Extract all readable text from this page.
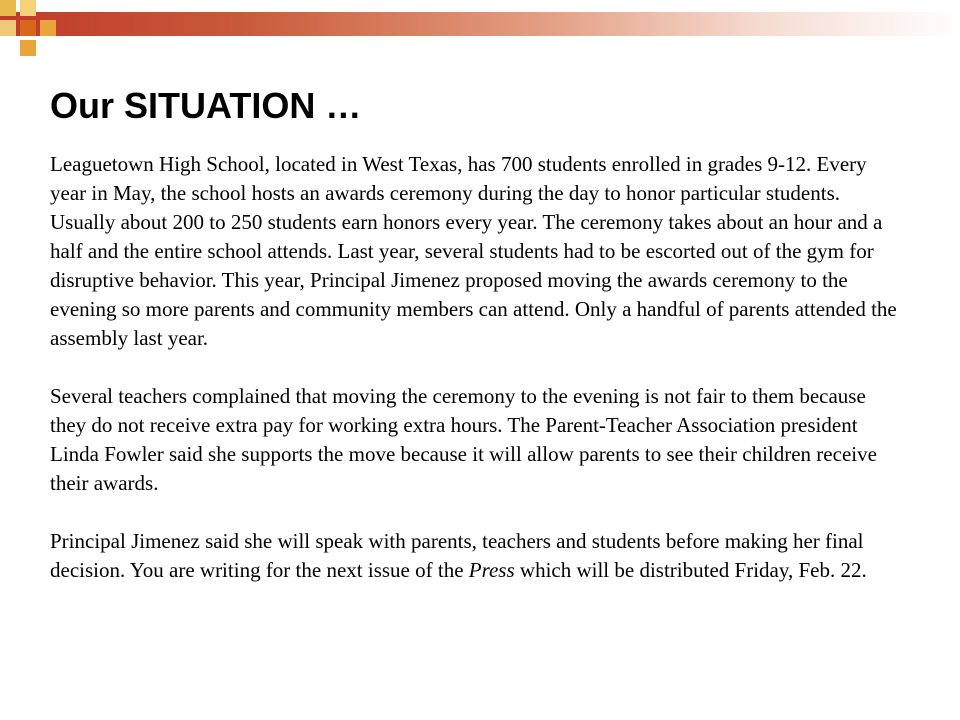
Our SITUATION …

Leaguetown High School, located in West Texas, has 700 students enrolled in grades 9-12. Every year in May, the school hosts an awards ceremony during the day to honor particular students. Usually about 200 to 250 students earn honors every year. The ceremony takes about an hour and a half and the entire school attends. Last year, several students had to be escorted out of the gym for disruptive behavior. This year, Principal Jimenez proposed moving the awards ceremony to the evening so more parents and community members can attend. Only a handful of parents attended the assembly last year.

Several teachers complained that moving the ceremony to the evening is not fair to them because they do not receive extra pay for working extra hours. The Parent-Teacher Association president Linda Fowler said she supports the move because it will allow parents to see their children receive their awards.

Principal Jimenez said she will speak with parents, teachers and students before making her final decision. You are writing for the next issue of the Press which will be distributed Friday, Feb. 22.
